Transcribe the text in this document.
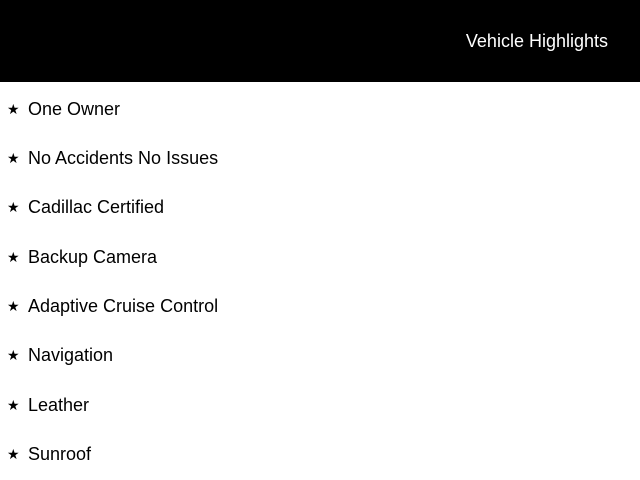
Vehicle Highlights
★ One Owner
★ No Accidents No Issues
★ Cadillac Certified
★ Backup Camera
★ Adaptive Cruise Control
★ Navigation
★ Leather
★ Sunroof
